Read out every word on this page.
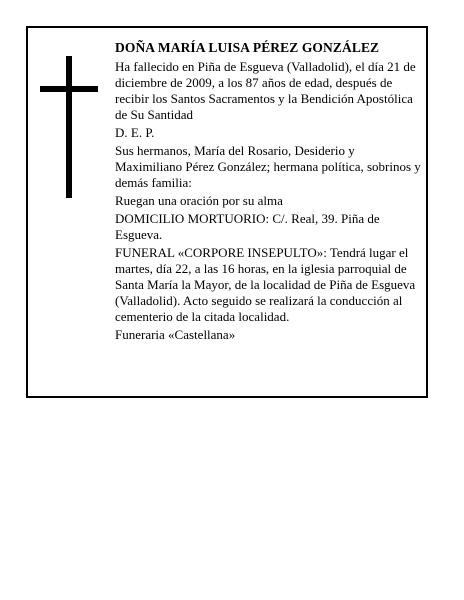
DOÑA MARÍA LUISA PÉREZ GONZÁLEZ

Ha fallecido en Piña de Esgueva (Valladolid), el día 21 de diciembre de 2009, a los 87 años de edad, después de recibir los Santos Sacramentos y la Bendición Apostólica de Su Santidad

D. E. P.

Sus hermanos, María del Rosario, Desiderio y Maximiliano Pérez González; hermana política, sobrinos y demás familia:

Ruegan una oración por su alma

DOMICILIO MORTUORIO: C/. Real, 39. Piña de Esgueva.

FUNERAL «CORPORE INSEPULTO»: Tendrá lugar el martes, día 22, a las 16 horas, en la iglesia parroquial de Santa María la Mayor, de la localidad de Piña de Esgueva (Valladolid). Acto seguido se realizará la conducción al cementerio de la citada localidad.

Funeraria «Castellana»
